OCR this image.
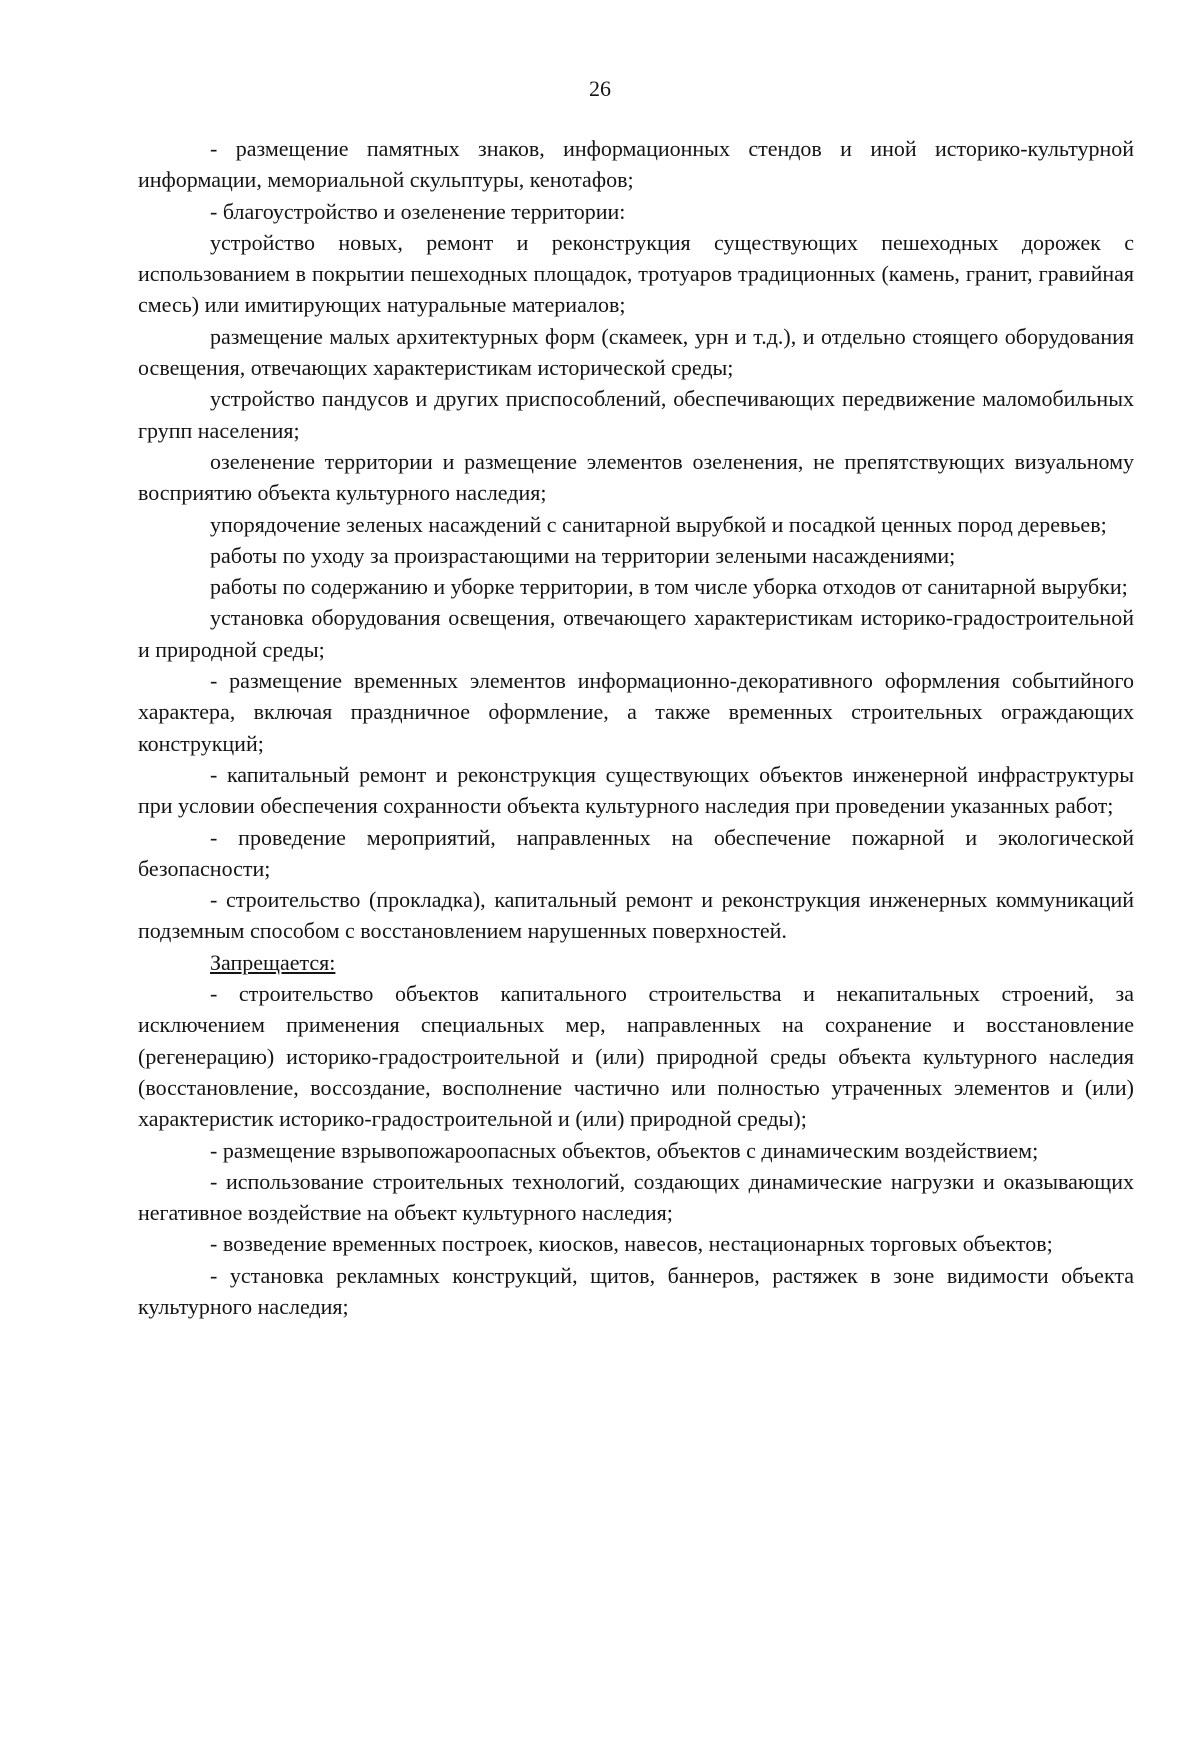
26

- размещение памятных знаков, информационных стендов и иной историко-культурной информации, мемориальной скульптуры, кенотафов;

- благоустройство и озеленение территории:

устройство новых, ремонт и реконструкция существующих пешеходных дорожек с использованием в покрытии пешеходных площадок, тротуаров традиционных (камень, гранит, гравийная смесь) или имитирующих натуральные материалов;

размещение малых архитектурных форм (скамеек, урн и т.д.), и отдельно стоящего оборудования освещения, отвечающих характеристикам исторической среды;

устройство пандусов и других приспособлений, обеспечивающих передвижение маломобильных групп населения;

озеленение территории и размещение элементов озеленения, не препятствующих визуальному восприятию объекта культурного наследия;

упорядочение зеленых насаждений с санитарной вырубкой и посадкой ценных пород деревьев;

работы по уходу за произрастающими на территории зелеными насаждениями;

работы по содержанию и уборке территории, в том числе уборка отходов от санитарной вырубки;

установка оборудования освещения, отвечающего характеристикам историко-градостроительной и природной среды;

- размещение временных элементов информационно-декоративного оформления событийного характера, включая праздничное оформление, а также временных строительных ограждающих конструкций;

- капитальный ремонт и реконструкция существующих объектов инженерной инфраструктуры при условии обеспечения сохранности объекта культурного наследия при проведении указанных работ;

- проведение мероприятий, направленных на обеспечение пожарной и экологической безопасности;

- строительство (прокладка), капитальный ремонт и реконструкция инженерных коммуникаций подземным способом с восстановлением нарушенных поверхностей.

Запрещается:

- строительство объектов капитального строительства и некапитальных строений, за исключением применения специальных мер, направленных на сохранение и восстановление (регенерацию) историко-градостроительной и (или) природной среды объекта культурного наследия (восстановление, воссоздание, восполнение частично или полностью утраченных элементов и (или) характеристик историко-градостроительной и (или) природной среды);

- размещение взрывопожароопасных объектов, объектов с динамическим воздействием;

- использование строительных технологий, создающих динамические нагрузки и оказывающих негативное воздействие на объект культурного наследия;

- возведение временных построек, киосков, навесов, нестационарных торговых объектов;

- установка рекламных конструкций, щитов, баннеров, растяжек в зоне видимости объекта культурного наследия;
